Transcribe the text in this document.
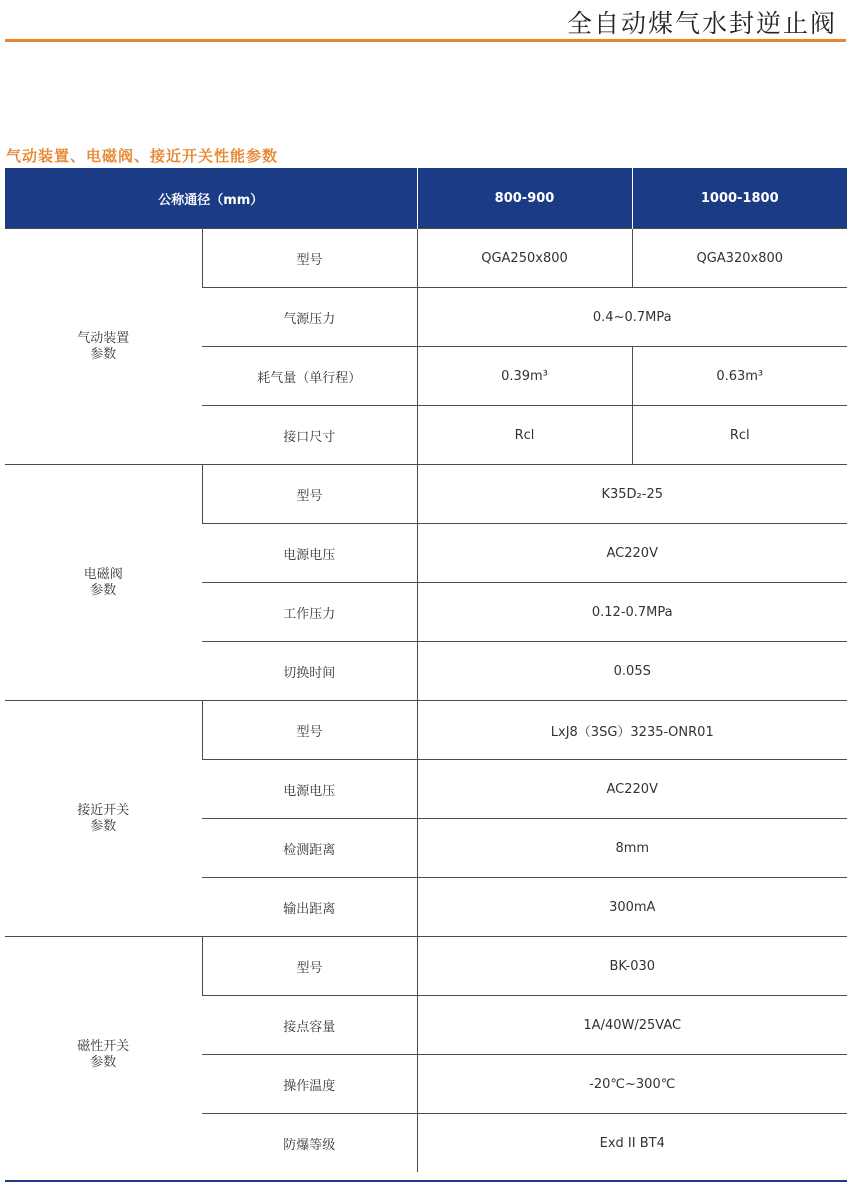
全自动煤气水封逆止阀
气动装置、电磁阀、接近开关性能参数
公称通径（mm）		800-900	1000-1800

气动装置
参数	型号	QGA250x800	QGA320x800
	气源压力	0.4~0.7MPa	
	耗气量（单行程）	0.39m³	0.63m³
	接口尺寸	Rcl	Rcl

电磁阀
参数	型号	K35D₂-25	
	电源电压	AC220V	
	工作压力	0.12-0.7MPa	
	切换时间	0.05S	

接近开关
参数	型号	LxJ8（3SG）3235-ONR01	
	电源电压	AC220V	
	检测距离	8mm	
	输出距离	300mA	

磁性开关
参数	型号	BK-030	
	接点容量	1A/40W/25VAC	
	操作温度	-20℃~300℃	
	防爆等级	Exd II BT4	
